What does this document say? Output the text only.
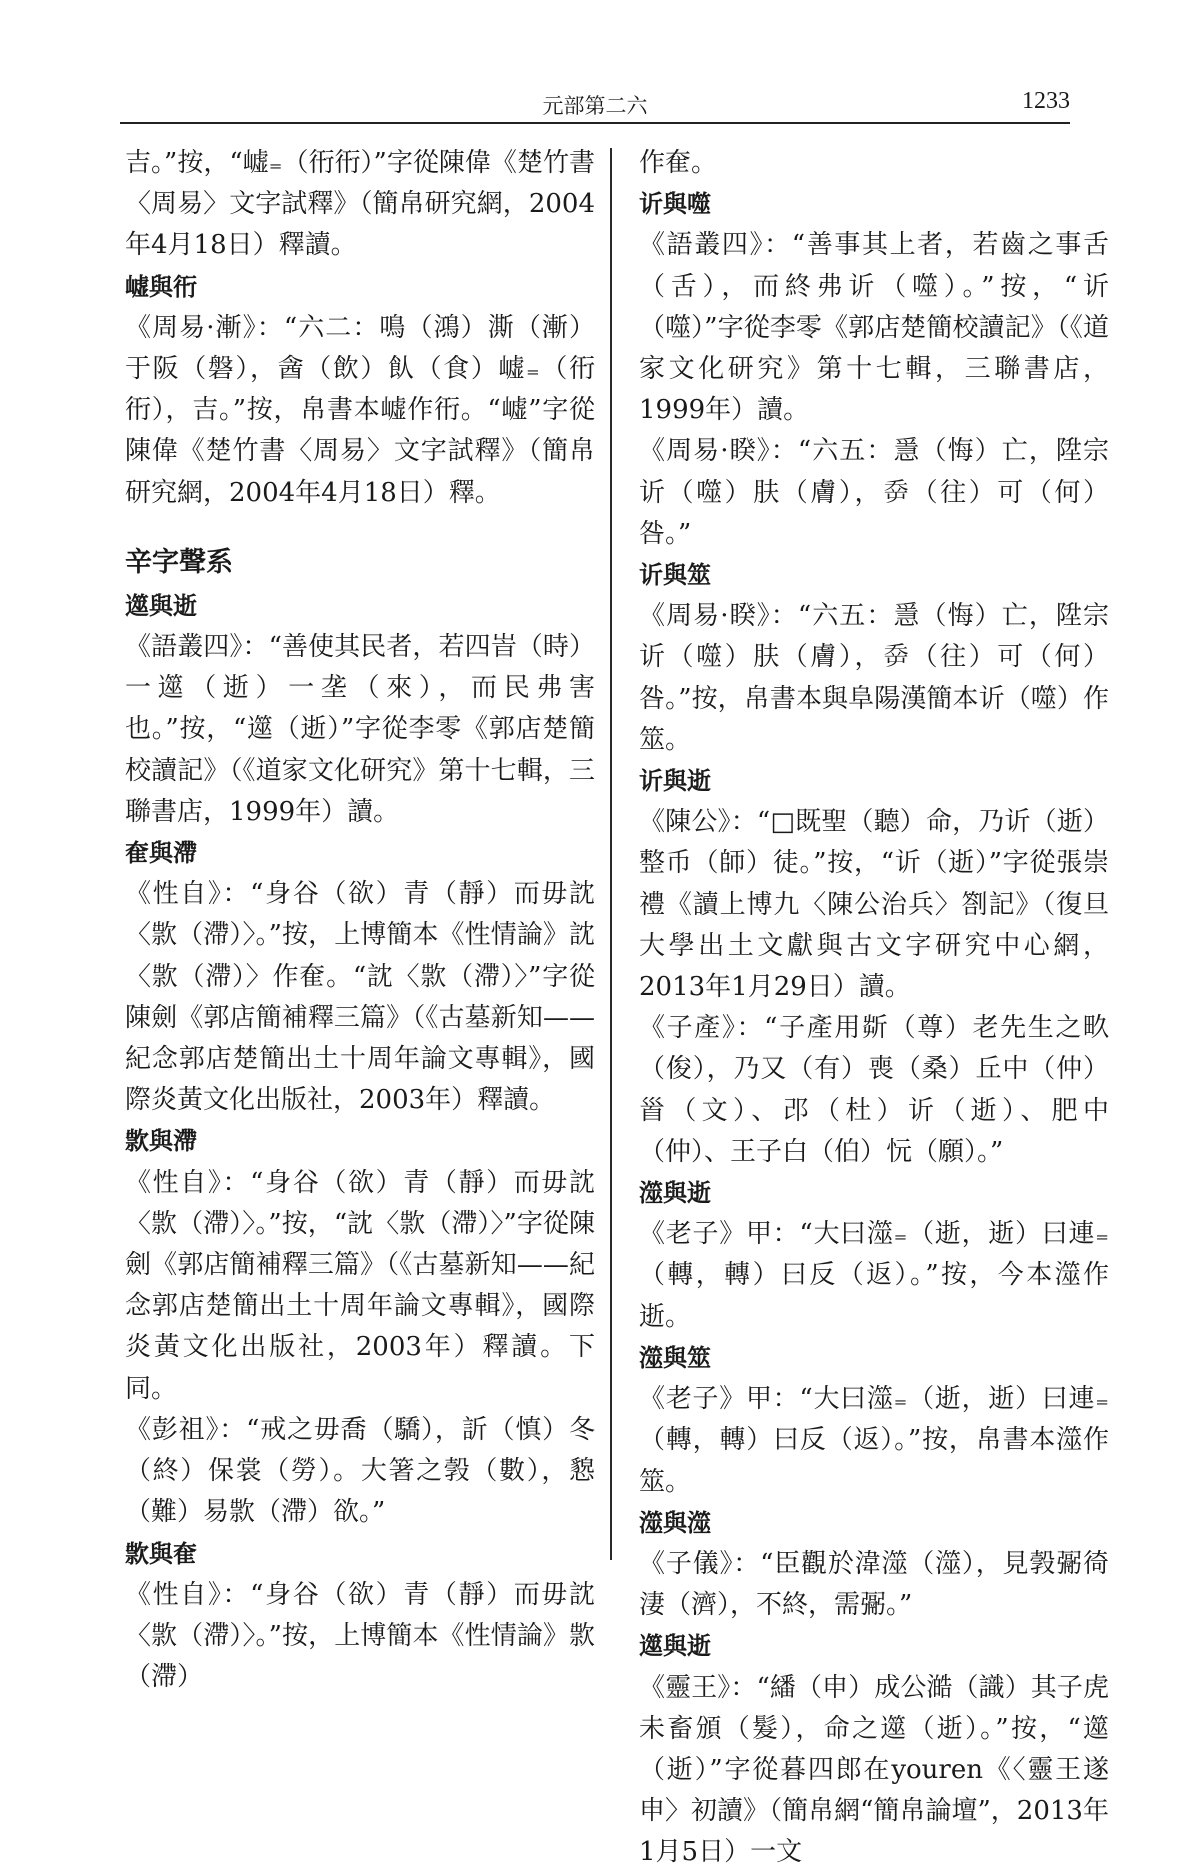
元部第二六	1233

吉。”按，“㠊₌（衎衎）”字從陳偉《楚竹書〈周易〉文字試釋》（簡帛研究網，2004年4月18日）釋讀。

㠊與衎

《周易·漸》：“六二：鳴（鴻）澌（漸）于阪（磐），酓（飲）飤（食）㠊₌（衎衎），吉。”按，帛書本㠊作衎。“㠊”字從陳偉《楚竹書〈周易〉文字試釋》（簡帛研究網，2004年4月18日）釋。

辛字聲系
遾與逝

《語叢四》：“善使其民者，若四峕（時）一遾（逝）一垄（來），而民弗害也。”按，“遾（逝）”字從李零《郭店楚簡校讀記》（《道家文化研究》第十七輯，三聯書店，1999年）讀。

奞與滯

《性自》：“身谷（欲）青（靜）而毋訦〈㱁（滯）〉。”按，上博簡本《性情論》訦〈㱁（滯）〉作奞。“訦〈㱁（滯）〉”字從陳劍《郭店簡補釋三篇》（《古墓新知——紀念郭店楚簡出土十周年論文專輯》，國際炎黃文化出版社，2003年）釋讀。

㱁與滯

《性自》：“身谷（欲）青（靜）而毋訦〈㱁（滯）〉。”按，“訦〈㱁（滯）〉”字從陳劍《郭店簡補釋三篇》（《古墓新知——紀念郭店楚簡出土十周年論文專輯》，國際炎黃文化出版社，2003年）釋讀。下同。

《彭祖》：“戒之毋喬（驕），訢（慎）冬（終）保裳（勞）。大箸之㝅（數），㦝（難）易㱁（滯）欲。”

㱁與奞

《性自》：“身谷（欲）青（靜）而毋訦〈㱁（滯）〉。”按，上博簡本《性情論》㱁（滯）

作奞。

䜣與噬

《語叢四》：“善事其上者，若齒之事舌（舌），而終弗䜣（噬）。”按，“䜣（噬）”字從李零《郭店楚簡校讀記》（《道家文化研究》第十七輯，三聯書店，1999年）讀。

《周易·睽》：“六五：㥯（悔）亡，陞宗䜣（噬）肤（膚），𡴘（往）可（何）咎。”

䜣與筮

《周易·睽》：“六五：㥯（悔）亡，陞宗䜣（噬）肤（膚），𡴘（往）可（何）咎。”按，帛書本與阜陽漢簡本䜣（噬）作筮。

䜣與逝

《陳公》：“□既聖（聽）命，乃䜣（逝）整币（師）徒。”按，“䜣（逝）”字從張崇禮《讀上博九〈陳公治兵〉劄記》（復旦大學出土文獻與古文字研究中心網，2013年1月29日）讀。

《子產》：“子產用㪿（尊）老先生之畂（俊），乃又（有）喪（桑）丘中（仲）𩠐（文）、邔（杜）䜣（逝）、肥中（仲）、王子白（伯）忨（願）。”

澨與逝

《老子》甲：“大曰澨₌（逝，逝）曰連₌（轉，轉）曰反（返）。”按，今本澨作逝。

澨與筮

《老子》甲：“大曰澨₌（逝，逝）曰連₌（轉，轉）曰反（返）。”按，帛書本澨作筮。

澨與澨

《子儀》：“臣觀於湋澨（澨），見㝅䰜徛淒（濟），不終，需䰜。”

遾與逝

《靈王》：“繙（申）成公澔（識）其子虎未畜頒（髮），命之遾（逝）。”按，“遾（逝）”字從暮四郎在youren《〈靈王遂申〉初讀》（簡帛網“簡帛論壇”，2013年1月5日）一文
